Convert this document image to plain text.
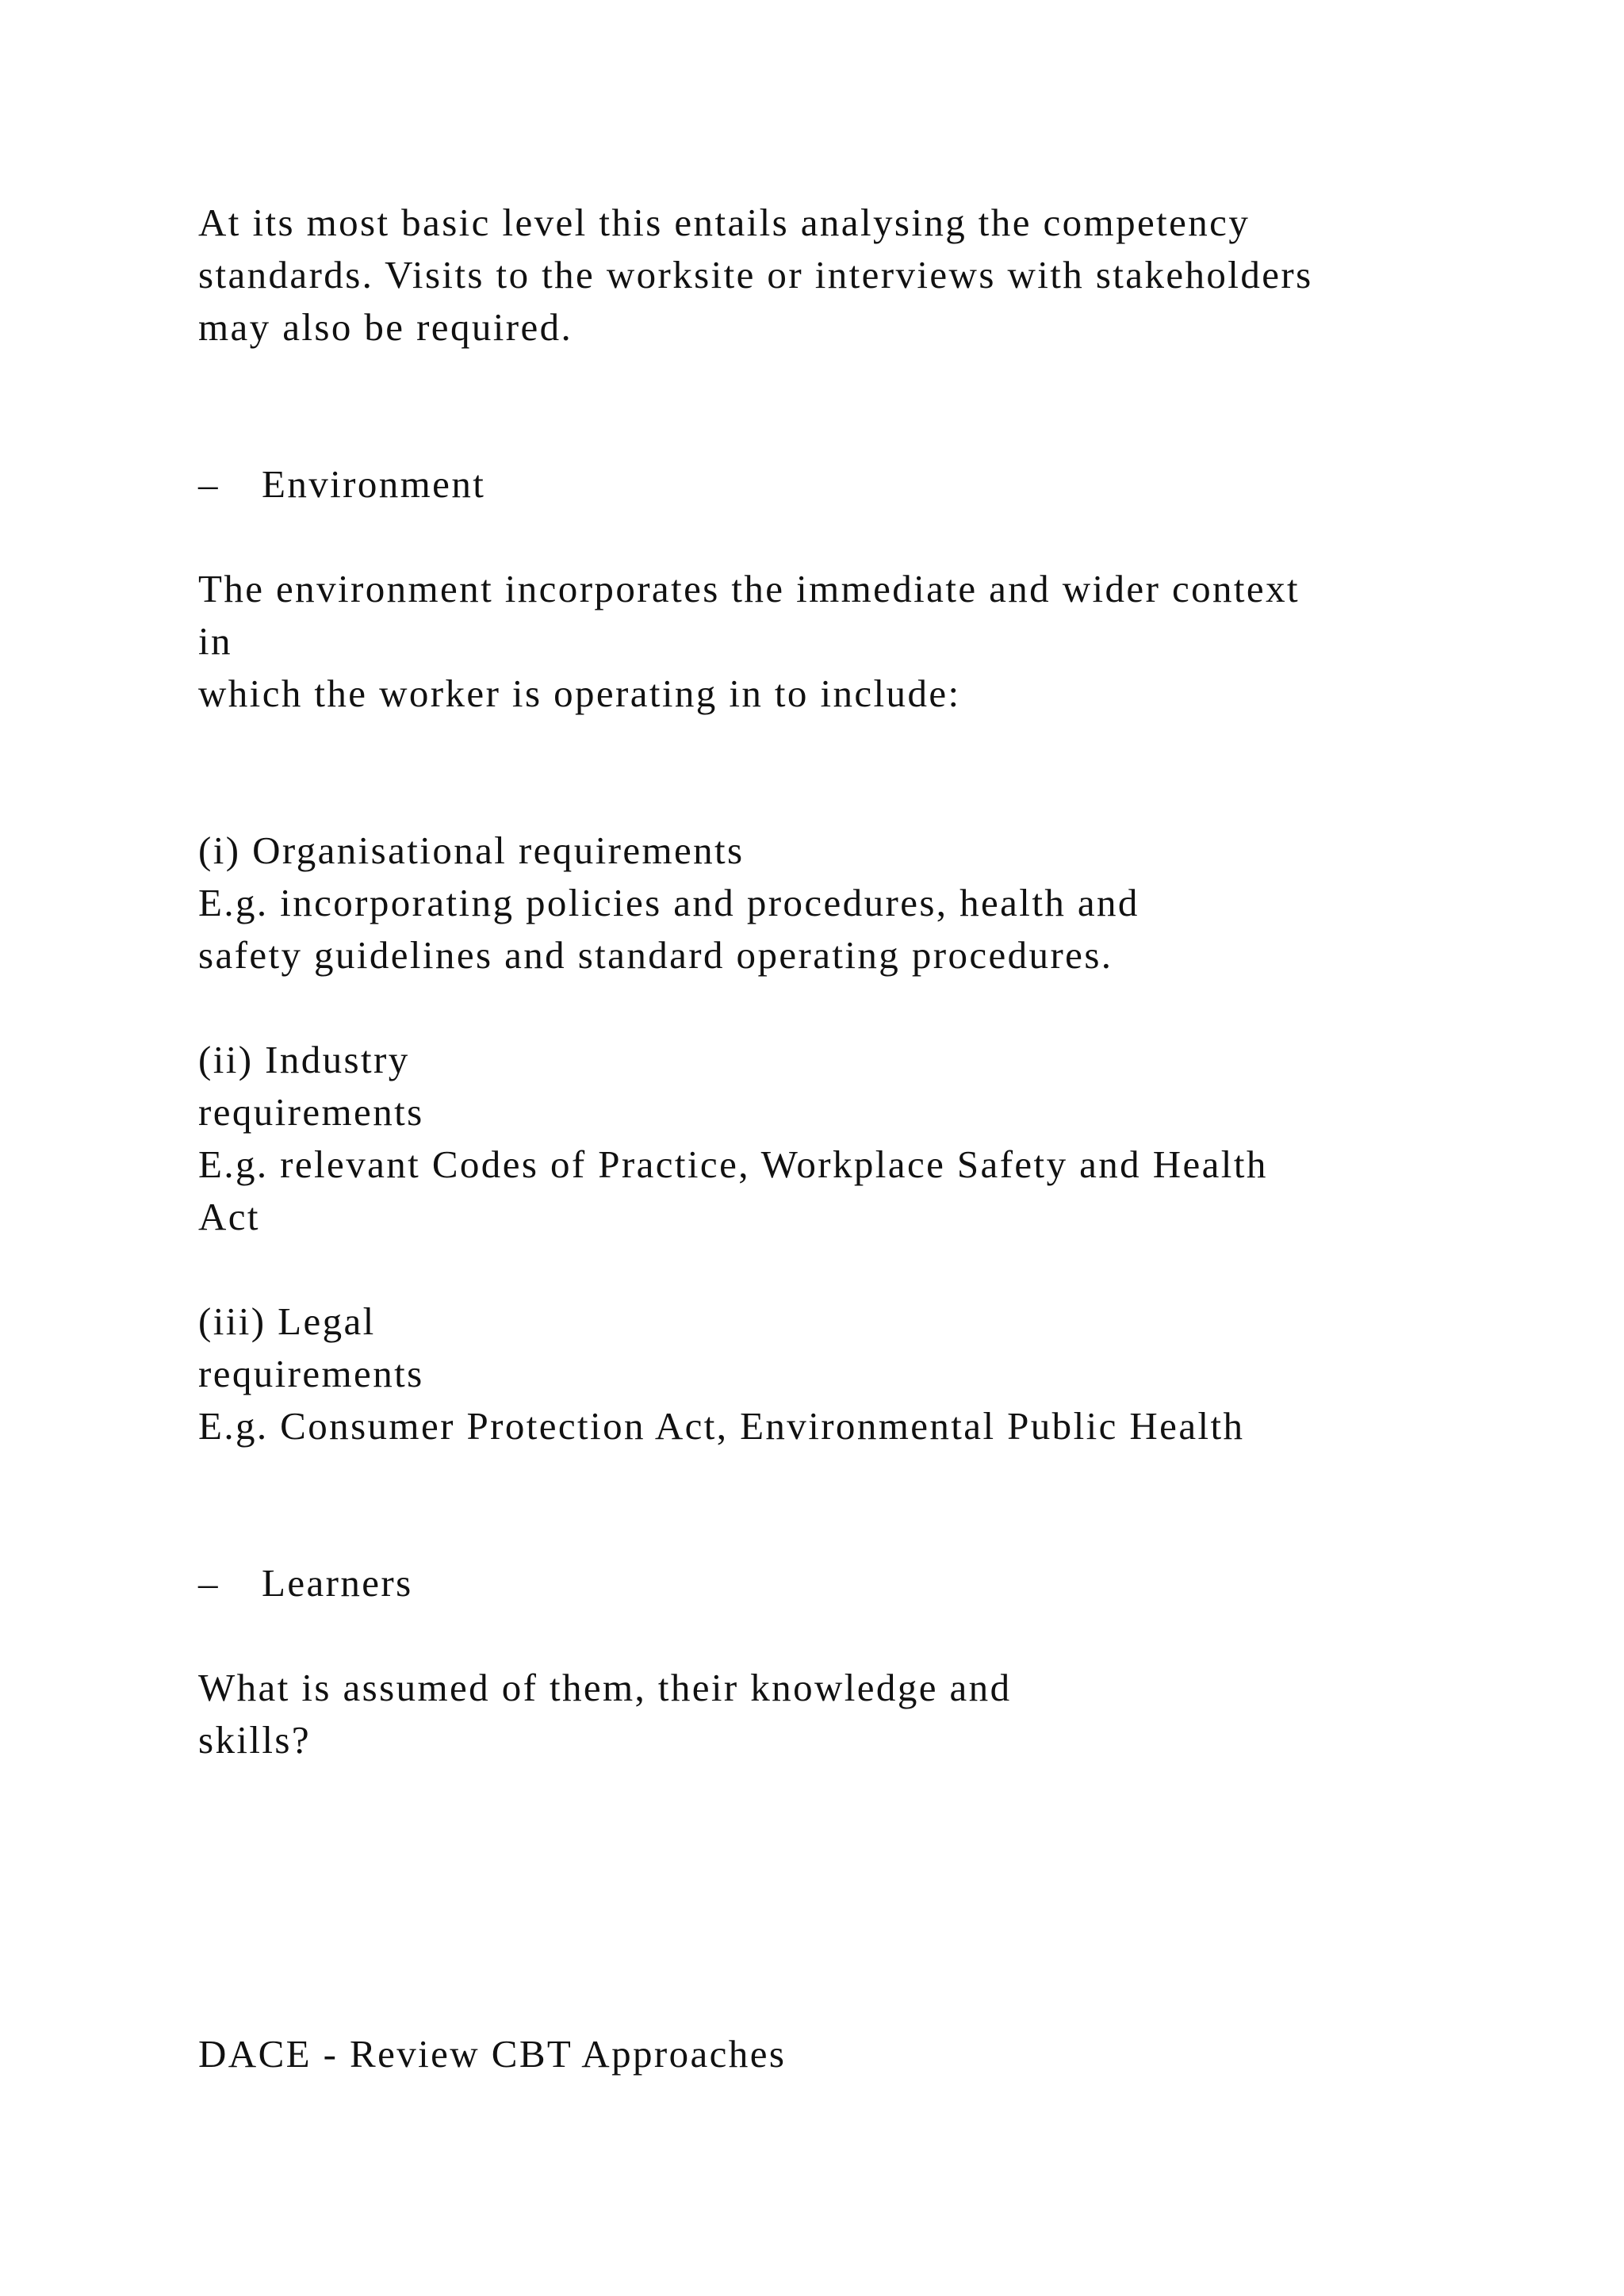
At its most basic level this entails analysing the competency

standards. Visits to the worksite or interviews with stakeholders

may also be required.

– Environment

The environment incorporates the immediate and wider context

in

which the worker is operating in to include:

(i) Organisational requirements

E.g. incorporating policies and procedures, health and

safety guidelines and standard operating procedures.

(ii) Industry

requirements

E.g. relevant Codes of Practice, Workplace Safety and Health

Act

(iii) Legal

requirements

E.g. Consumer Protection Act, Environmental Public Health

– Learners

What is assumed of them, their knowledge and

skills?

DACE - Review CBT Approaches
